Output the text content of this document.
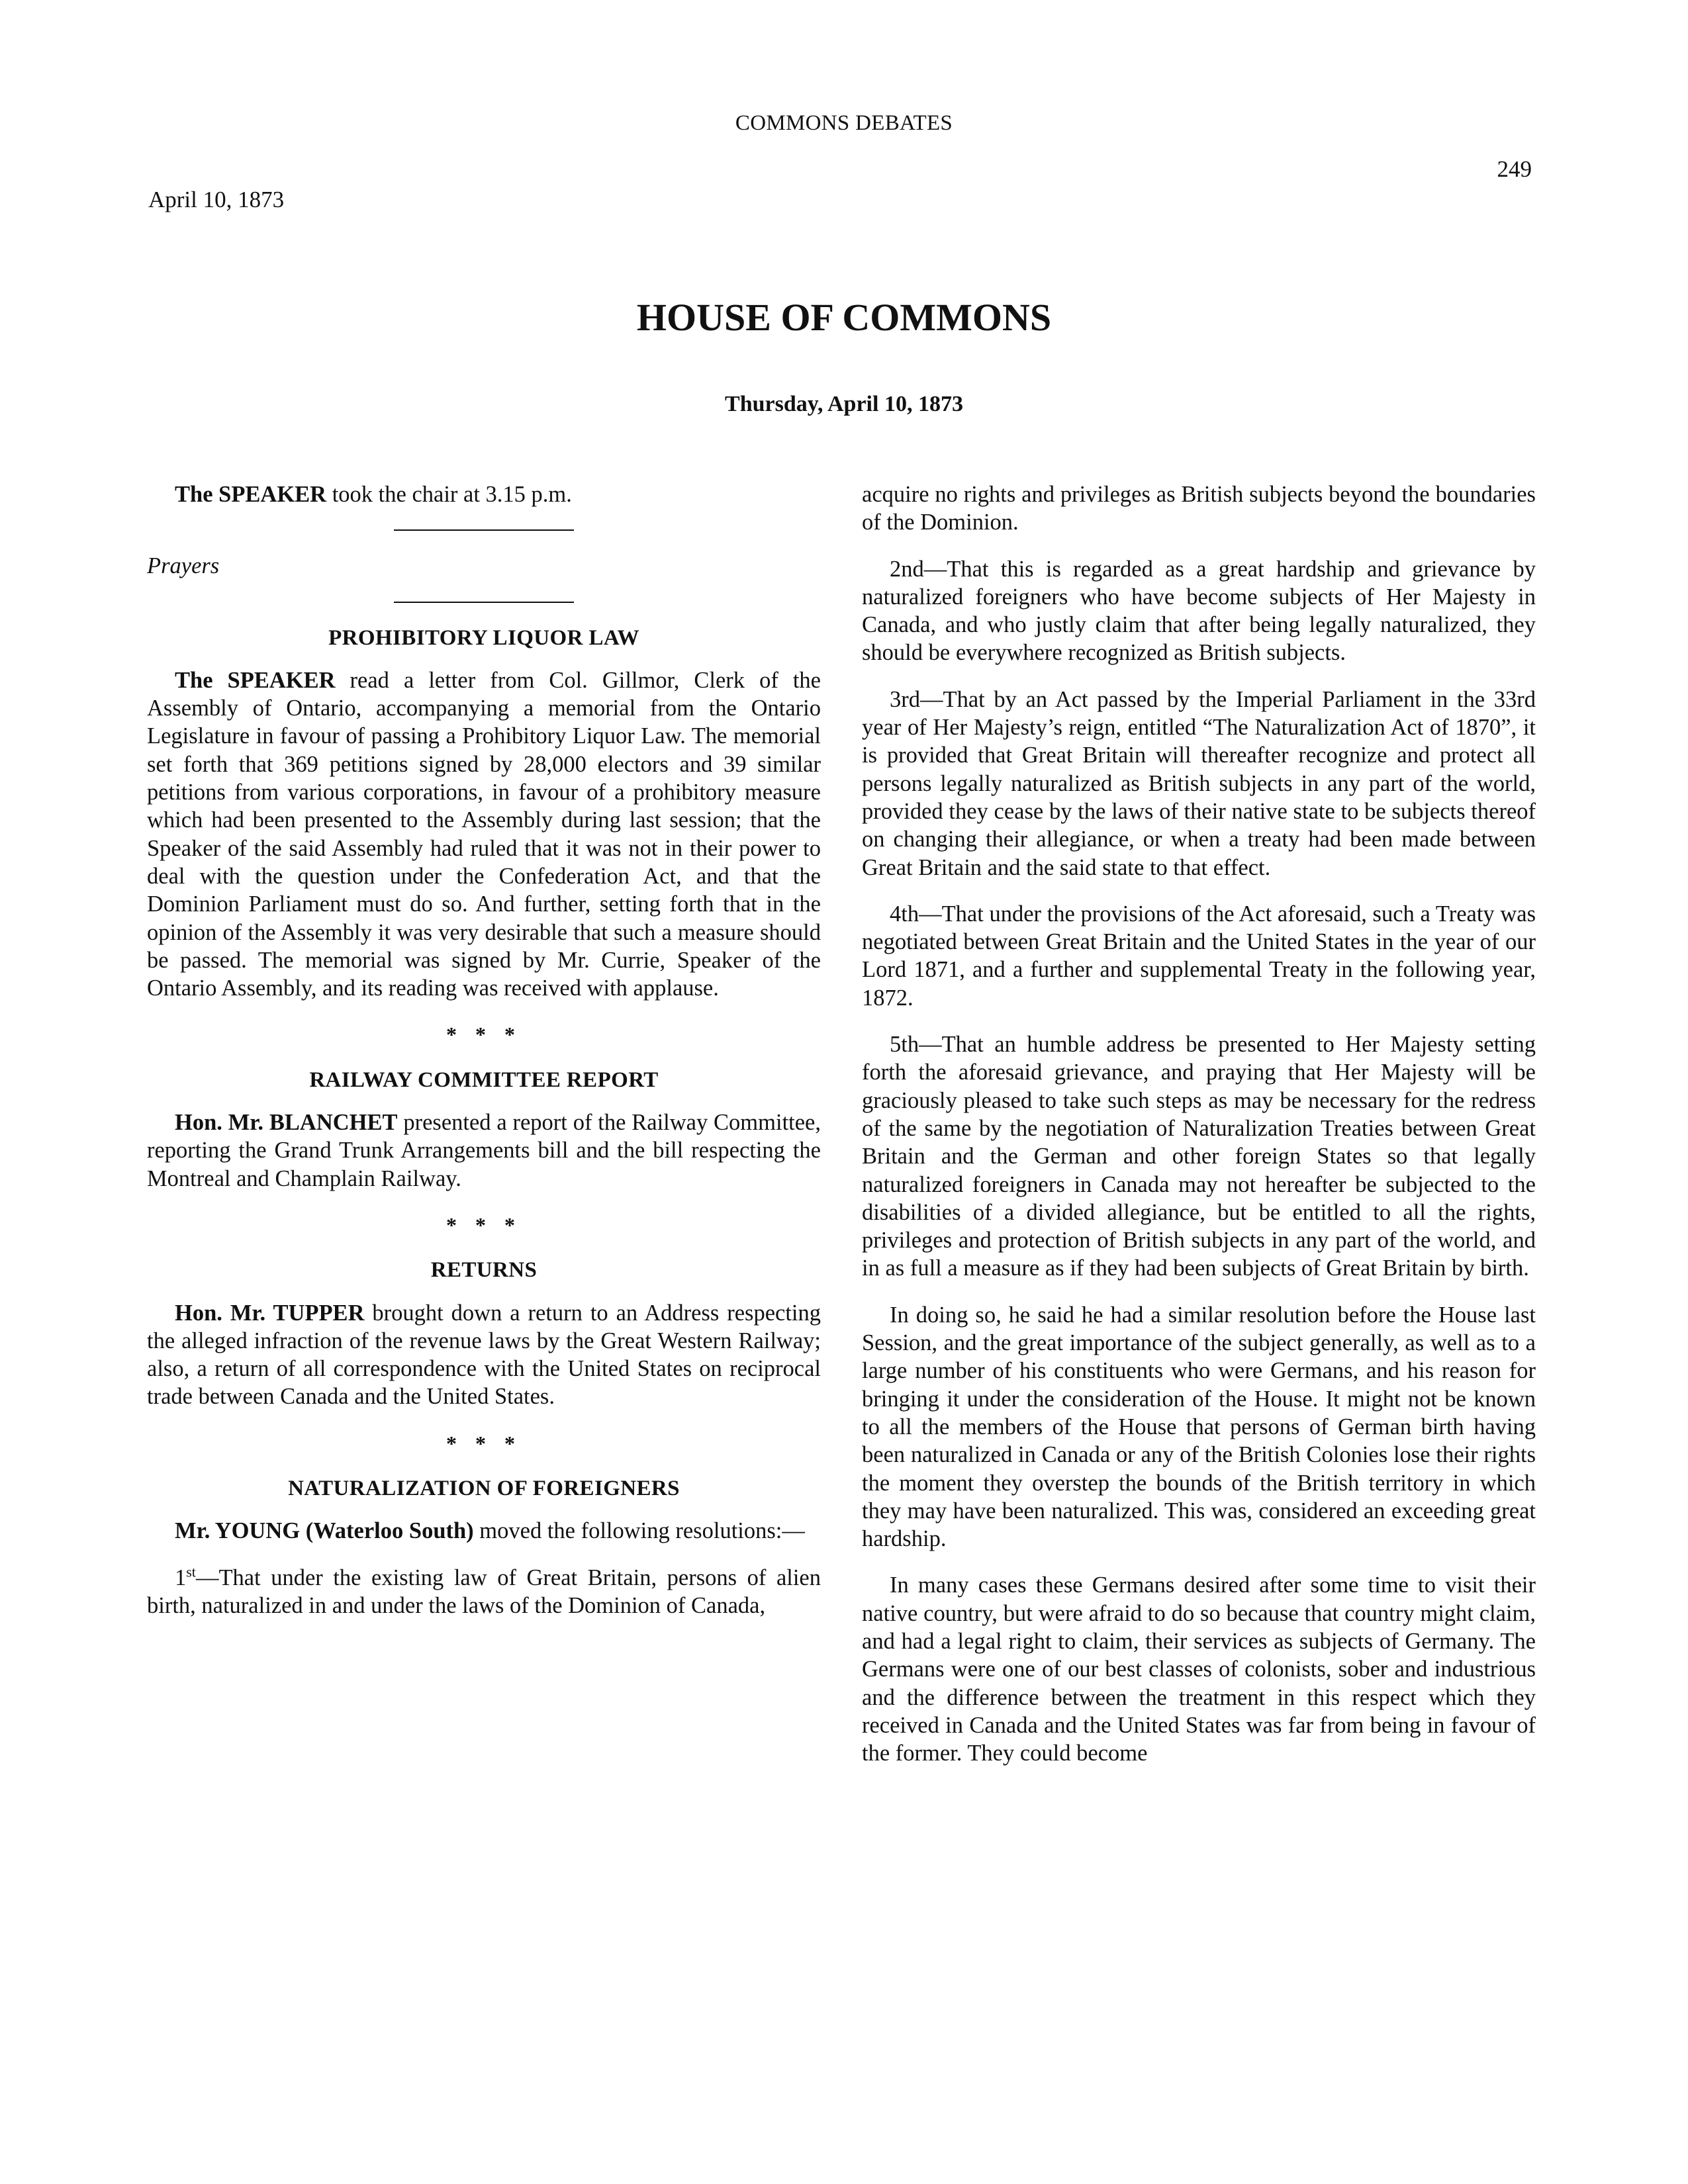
COMMONS DEBATES
249
April 10, 1873
HOUSE OF COMMONS
Thursday, April 10, 1873

The SPEAKER took the chair at 3.15 p.m.

Prayers

PROHIBITORY LIQUOR LAW

The SPEAKER read a letter from Col. Gillmor, Clerk of the Assembly of Ontario, accompanying a memorial from the Ontario Legislature in favour of passing a Prohibitory Liquor Law. The memorial set forth that 369 petitions signed by 28,000 electors and 39 similar petitions from various corporations, in favour of a prohibitory measure which had been presented to the Assembly during last session; that the Speaker of the said Assembly had ruled that it was not in their power to deal with the question under the Confederation Act, and that the Dominion Parliament must do so. And further, setting forth that in the opinion of the Assembly it was very desirable that such a measure should be passed. The memorial was signed by Mr. Currie, Speaker of the Ontario Assembly, and its reading was received with applause.

* * *
RAILWAY COMMITTEE REPORT

Hon. Mr. BLANCHET presented a report of the Railway Committee, reporting the Grand Trunk Arrangements bill and the bill respecting the Montreal and Champlain Railway.

* * *
RETURNS

Hon. Mr. TUPPER brought down a return to an Address respecting the alleged infraction of the revenue laws by the Great Western Railway; also, a return of all correspondence with the United States on reciprocal trade between Canada and the United States.

* * *
NATURALIZATION OF FOREIGNERS

Mr. YOUNG (Waterloo South) moved the following resolutions:—

1st—That under the existing law of Great Britain, persons of alien birth, naturalized in and under the laws of the Dominion of Canada,

acquire no rights and privileges as British subjects beyond the boundaries of the Dominion.

2nd—That this is regarded as a great hardship and grievance by naturalized foreigners who have become subjects of Her Majesty in Canada, and who justly claim that after being legally naturalized, they should be everywhere recognized as British subjects.

3rd—That by an Act passed by the Imperial Parliament in the 33rd year of Her Majesty’s reign, entitled “The Naturalization Act of 1870”, it is provided that Great Britain will thereafter recognize and protect all persons legally naturalized as British subjects in any part of the world, provided they cease by the laws of their native state to be subjects thereof on changing their allegiance, or when a treaty had been made between Great Britain and the said state to that effect.

4th—That under the provisions of the Act aforesaid, such a Treaty was negotiated between Great Britain and the United States in the year of our Lord 1871, and a further and supplemental Treaty in the following year, 1872.

5th—That an humble address be presented to Her Majesty setting forth the aforesaid grievance, and praying that Her Majesty will be graciously pleased to take such steps as may be necessary for the redress of the same by the negotiation of Naturalization Treaties between Great Britain and the German and other foreign States so that legally naturalized foreigners in Canada may not hereafter be subjected to the disabilities of a divided allegiance, but be entitled to all the rights, privileges and protection of British subjects in any part of the world, and in as full a measure as if they had been subjects of Great Britain by birth.

In doing so, he said he had a similar resolution before the House last Session, and the great importance of the subject generally, as well as to a large number of his constituents who were Germans, and his reason for bringing it under the consideration of the House. It might not be known to all the members of the House that persons of German birth having been naturalized in Canada or any of the British Colonies lose their rights the moment they overstep the bounds of the British territory in which they may have been naturalized. This was, considered an exceeding great hardship.

In many cases these Germans desired after some time to visit their native country, but were afraid to do so because that country might claim, and had a legal right to claim, their services as subjects of Germany. The Germans were one of our best classes of colonists, sober and industrious and the difference between the treatment in this respect which they received in Canada and the United States was far from being in favour of the former. They could become
